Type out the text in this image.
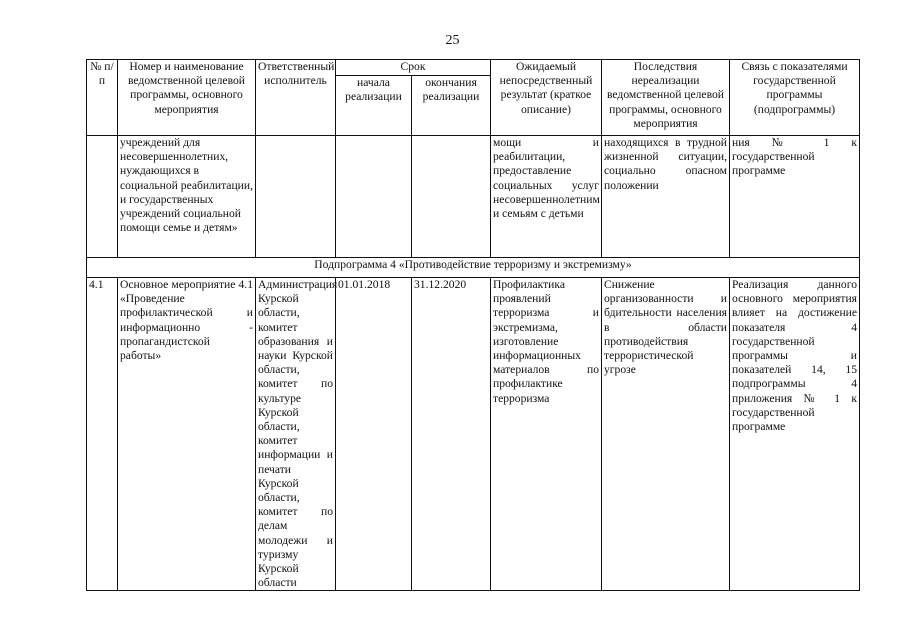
25
№ п/п	Номер и наименование ведомственной целевой программы, основного мероприятия	Ответственный исполнитель	Срок		Ожидаемый непосредственный результат (краткое описание)	Последствия нереализации ведомственной целевой программы, основного мероприятия	Связь с показателями государственной программы (подпрограммы)
			начала реализации	окончания реализации			
	учреждений для несовершеннолетних, нуждающихся в социальной реабилитации, и государственных учреждений социальной помощи семье и детям»				мощи и реабилитации, предоставление социальных услуг несовершеннолетним и семьям с детьми	находящихся в трудной жизненной ситуации, социально опасном положении	ния № 1 к государственной программе
Подпрограмма 4 «Противодействие терроризму и экстремизму»							
4.1	Основное мероприятие 4.1 «Проведение профилактической и информационно - пропагандистской работы»	Администрация Курской области, комитет образования и науки Курской области, комитет по культуре Курской области, комитет информации и печати Курской области, комитет по делам молодежи и туризму Курской области	01.01.2018	31.12.2020	Профилактика проявлений терроризма и экстремизма, изготовление информационных материалов по профилактике терроризма	Снижение организованности и бдительности населения в области противодействия террористической угрозе	Реализация данного основного мероприятия влияет на достижение показателя 4 государственной программы и показателей 14, 15 подпрограммы 4 приложения № 1 к государственной программе
